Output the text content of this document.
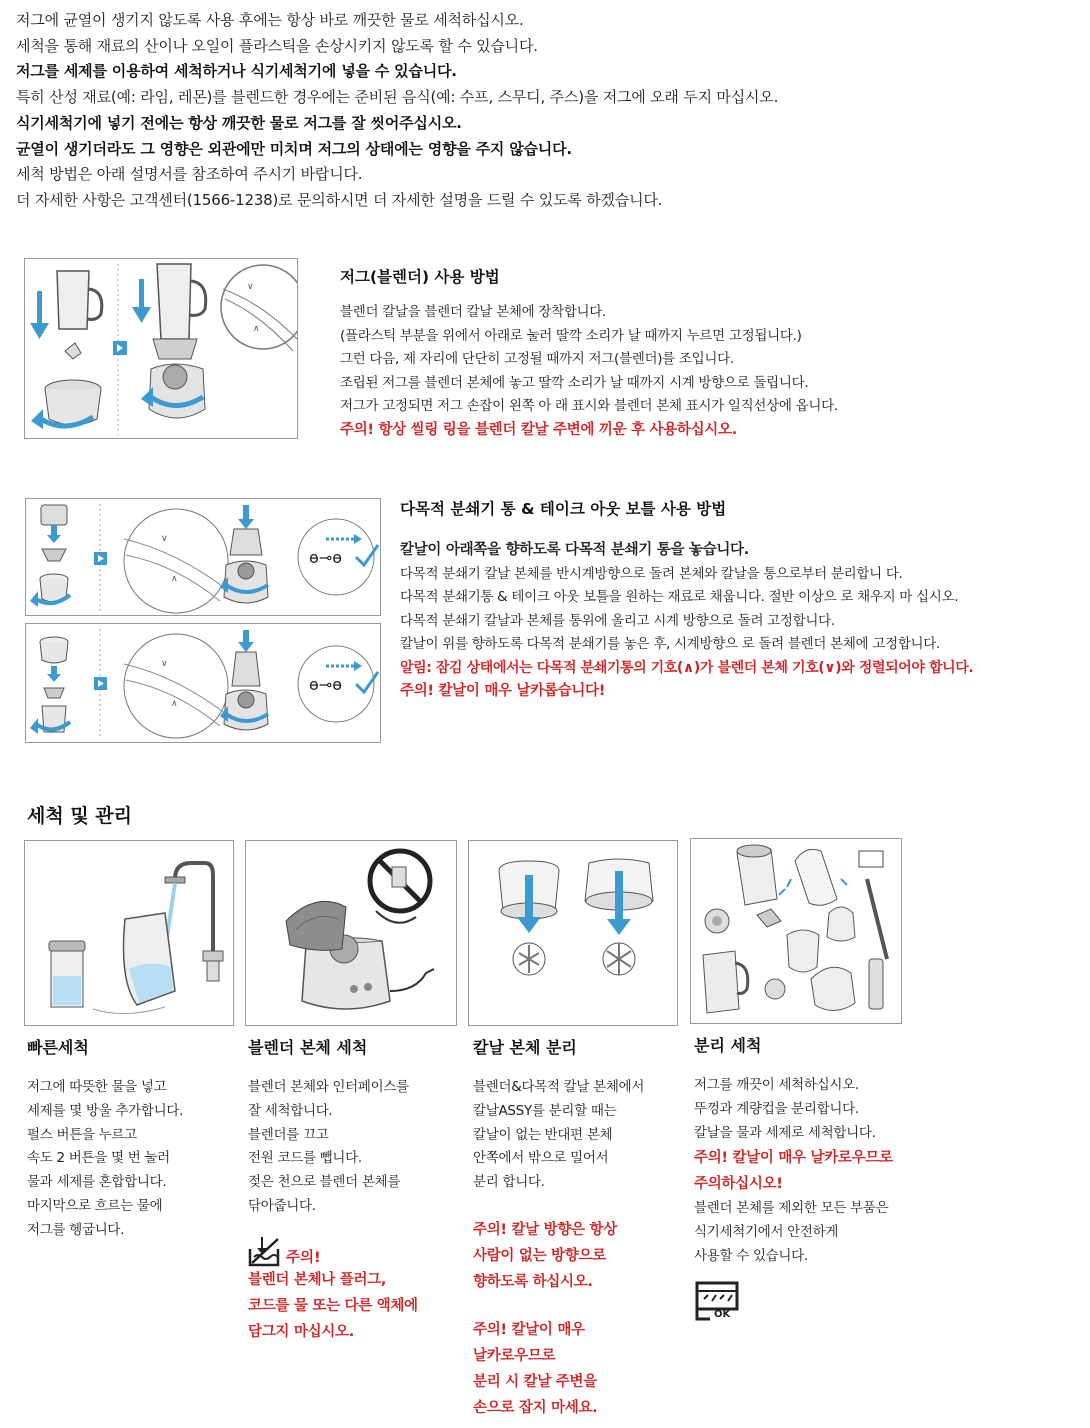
저그에 균열이 생기지 않도록 사용 후에는 항상 바로 깨끗한 물로 세척하십시오.

세척을 통해 재료의 산이나 오일이 플라스틱을 손상시키지 않도록 할 수 있습니다.

저그를 세제를 이용하여 세척하거나 식기세척기에 넣을 수 있습니다.

특히 산성 재료(예: 라임, 레몬)를 블렌드한 경우에는 준비된 음식(예: 수프, 스무디, 주스)을 저그에 오래 두지 마십시오.

식기세척기에 넣기 전에는 항상 깨끗한 물로 저그를 잘 씻어주십시오.

균열이 생기더라도 그 영향은 외관에만 미치며 저그의 상태에는 영향을 주지 않습니다.

세척 방법은 아래 설명서를 참조하여 주시기 바랍니다.

더 자세한 사항은 고객센터(1566-1238)로 문의하시면 더 자세한 설명을 드릴 수 있도록 하겠습니다.

∨
∧
저그(블렌더) 사용 방법

블렌더 칼날을 블렌더 칼날 본체에 장착합니다.

(플라스틱 부분을 위에서 아래로 눌러 딸깍 소리가 날 때까지 누르면 고정됩니다.)

그런 다음, 제 자리에 단단히 고정될 때까지 저그(블렌더)를 조입니다.

조립된 저그를 블렌더 본체에 놓고 딸깍 소리가 날 때까지 시계 방향으로 돌립니다.

저그가 고정되면 저그 손잡이 왼쪽 아 래 표시와 블렌더 본체 표시가 일직선상에 옵니다.

주의! 항상 씰링 링을 블렌더 칼날 주변에 끼운 후 사용하십시오.

∨
∧
ɵ⊸ɵ
∨
∧
ɵ⊸ɵ
다목적 분쇄기 통 & 테이크 아웃 보틀 사용 방법

칼날이 아래쪽을 향하도록 다목적 분쇄기 통을 놓습니다.

다목적 분쇄기 칼날 본체를 반시계방향으로 돌려 본체와 칼날을 통으로부터 분리합니 다.

다목적 분쇄기통 & 테이크 아웃 보틀을 원하는 재료로 채웁니다. 절반 이상으 로 채우지 마 십시오.

다목적 분쇄기 칼날과 본체를 통위에 올리고 시계 방향으로 돌려 고정합니다.

칼날이 위를 향하도록 다목적 분쇄기를 놓은 후, 시계방향으 로 돌려 블렌더 본체에 고정합니다.

알림: 잠김 상태에서는 다목적 분쇄기통의 기호(∧)가 블렌더 본체 기호(∨)와 정렬되어야 합니다.

주의! 칼날이 매우 날카롭습니다!

세척 및 관리
빠른세척

저그에 따뜻한 물을 넣고

세제를 몇 방울 추가합니다.

펄스 버튼을 누르고

속도 2 버튼을 몇 번 눌러

물과 세제를 혼합합니다.

마지막으로 흐르는 물에

저그를 헹굽니다.

블렌더 본체 세척

블렌더 본체와 인터페이스를

잘 세척합니다.

블렌더를 끄고

전원 코드를 뺍니다.

젖은 천으로 블렌더 본체를

닦아줍니다.

주의!

블렌더 본체나 플러그,

코드를 물 또는 다른 액체에

담그지 마십시오.

칼날 본체 분리

블렌더&다목적 칼날 본체에서

칼날ASSY를 분리할 때는

칼날이 없는 반대편 본체

안쪽에서 밖으로 밀어서

분리 합니다.

주의! 칼날 방향은 항상

사람이 없는 방향으로

향하도록 하십시오.

주의! 칼날이 매우

날카로우므로

분리 시 칼날 주변을

손으로 잡지 마세요.

분리 세척

저그를 깨끗이 세척하십시오.

뚜껑과 계량컵을 분리합니다.

칼날을 물과 세제로 세척합니다.

주의! 칼날이 매우 날카로우므로

주의하십시오!

블렌더 본체를 제외한 모든 부품은

식기세척기에서 안전하게

사용할 수 있습니다.

OK
